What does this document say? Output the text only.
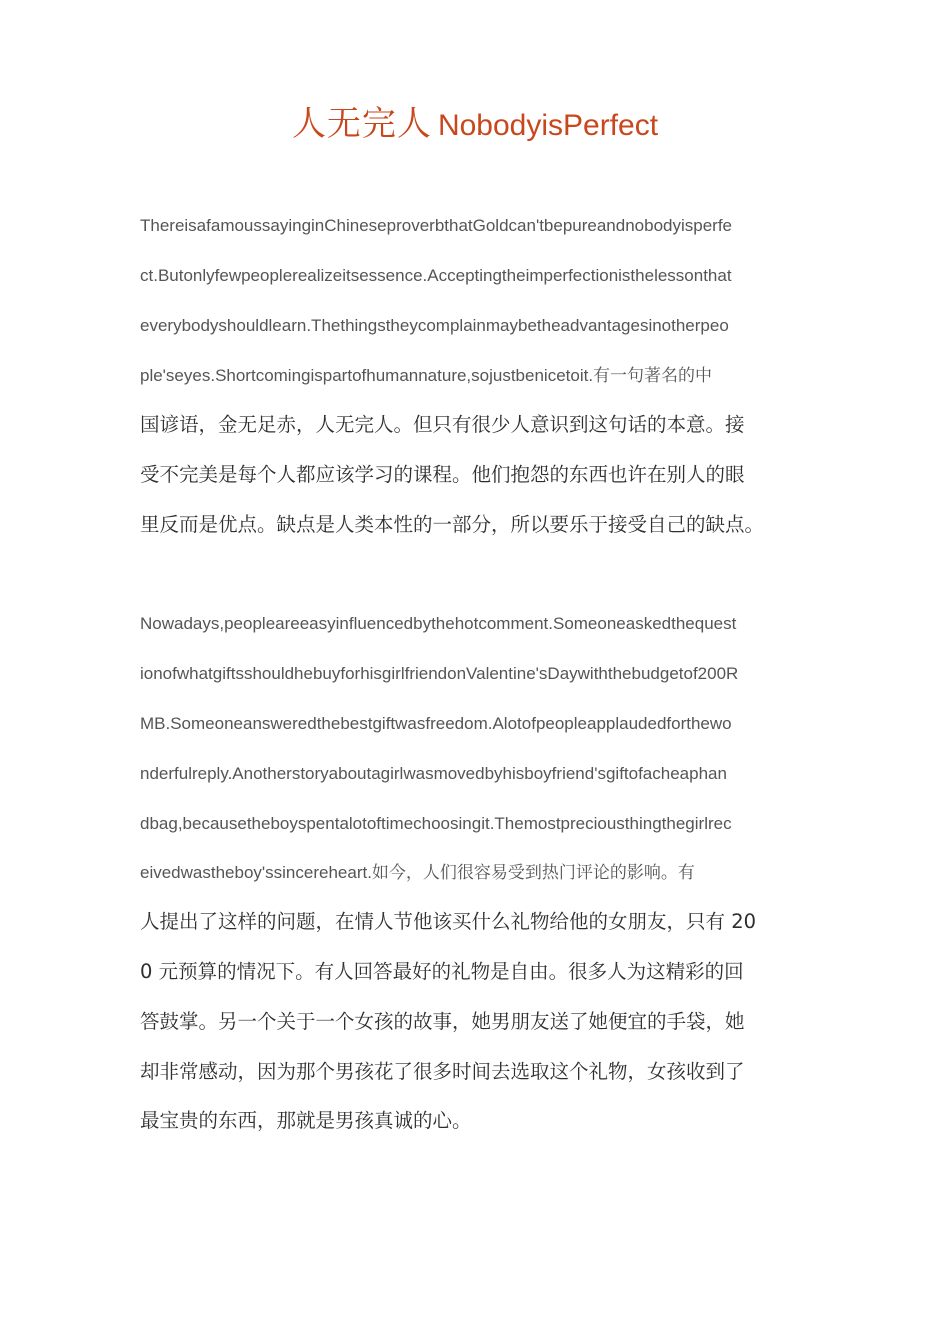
人无完人 NobodyisPerfect
ThereisafamoussayinginChineseproverbthatGoldcan'tbepureandnobodyisperfe
ct.Butonlyfewpeoplerealizeitsessence.Acceptingtheimperfectionisthelessonthat
everybodyshouldlearn.Thethingstheycomplainmaybetheadvantagesinotherpeo
ple'seyes.Shortcomingispartofhumannature,sojustbenicetoit.有一句著名的中
国谚语，金无足赤，人无完人。但只有很少人意识到这句话的本意。接
受不完美是每个人都应该学习的课程。他们抱怨的东西也许在别人的眼
里反而是优点。缺点是人类本性的一部分，所以要乐于接受自己的缺点。
Nowadays,peopleareeasyinfluencedbythehotcomment.Someoneaskedthequest
ionofwhatgiftsshouldhebuyforhisgirlfriendonValentine'sDaywiththebudgetof200R
MB.Someoneansweredthebestgiftwasfreedom.Alotofpeopleapplaudedforthewo
nderfulreply.Anotherstoryaboutagirlwasmovedbyhisboyfriend'sgiftofacheaphan
dbag,becausetheboyspentalotoftimechoosingit.Themostprecious​thingthegirlrec
eivedwastheboy'ssincereheart.如今，人们很容易受到热门评论的影响。有
人提出了这样的问题，在情人节他该买什么礼物给他的女朋友，只有 20
0 元预算的情况下。有人回答最好的礼物是自由。很多人为这精彩的回
答鼓掌。另一个关于一个女孩的故事，她男朋友送了她便宜的手袋，她
却非常感动，因为那个男孩花了很多时间去选取这个礼物，女孩收到了
最宝贵的东西，那就是男孩真诚的心。
